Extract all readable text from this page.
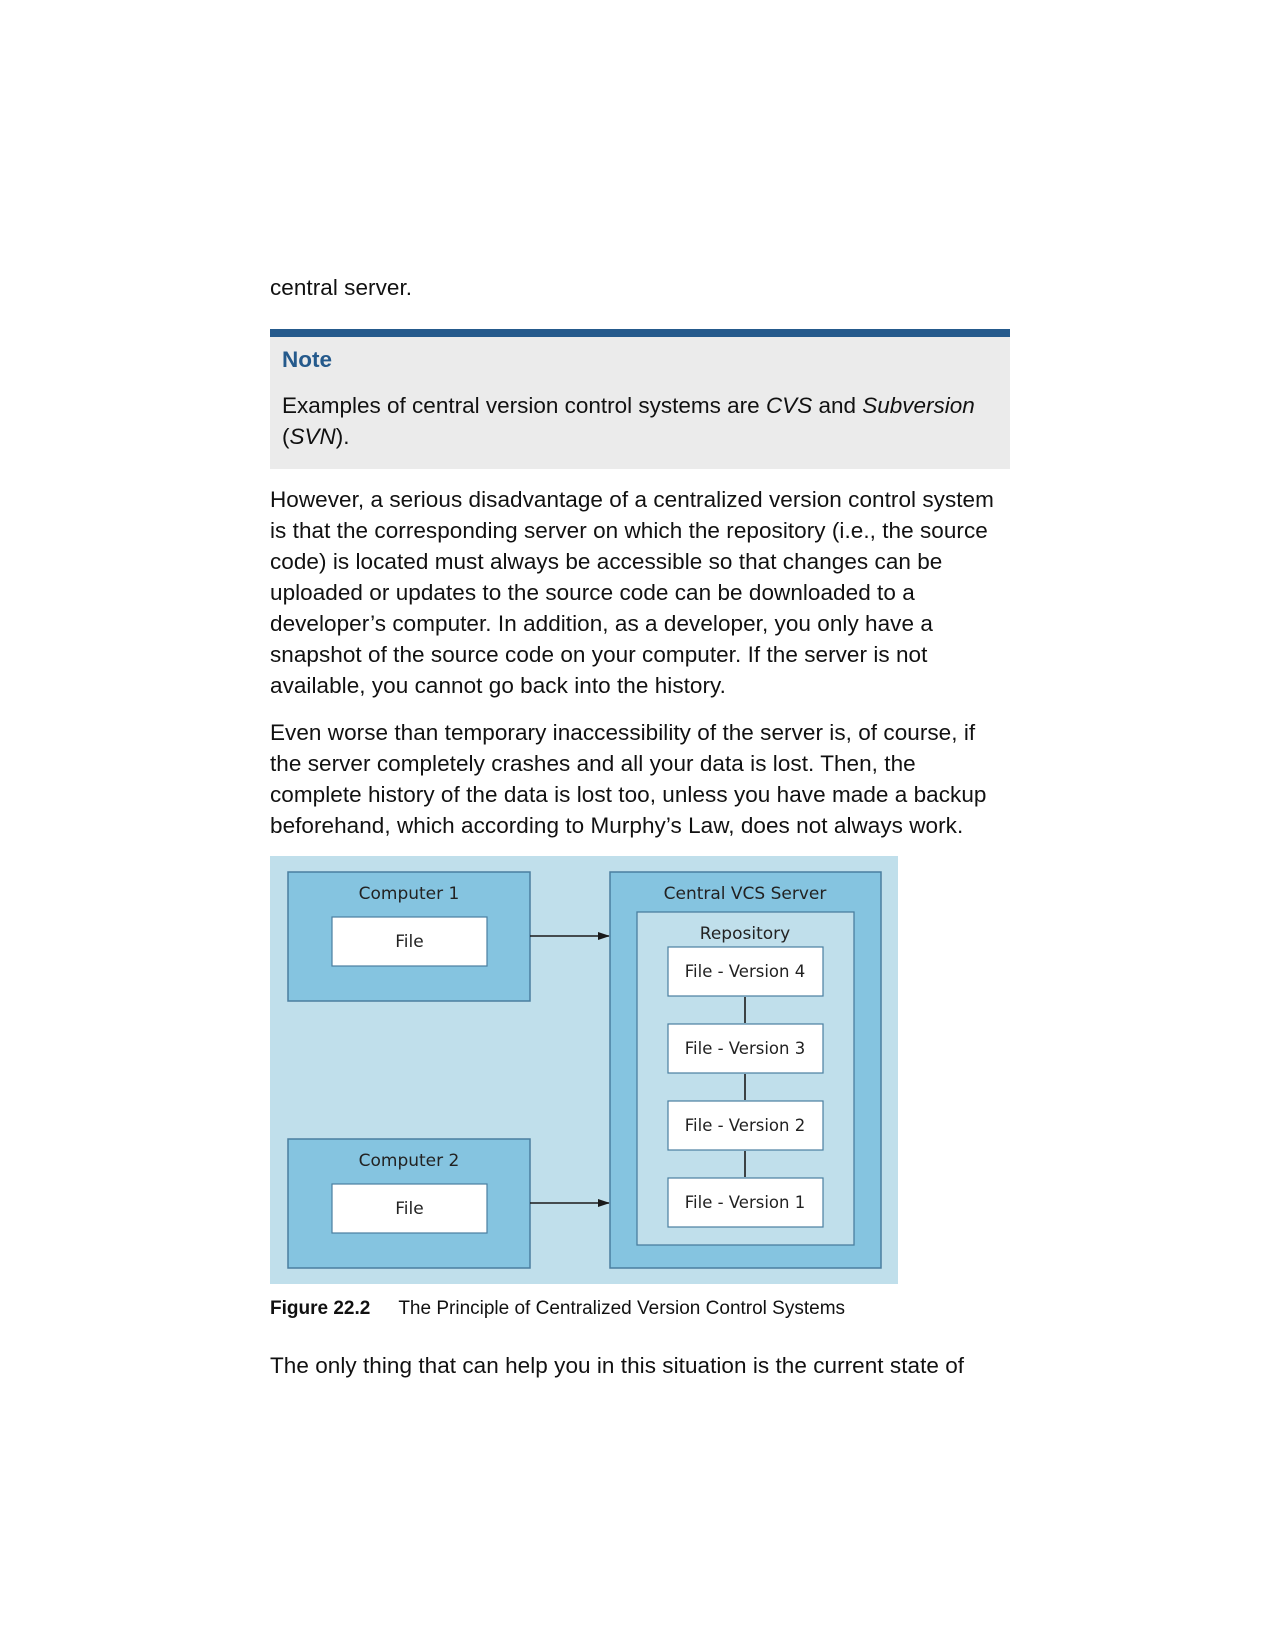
central server.

Note

Examples of central version control systems are CVS and Subversion
(SVN).

However, a serious disadvantage of a centralized version control system is that the corresponding server on which the repository (i.e., the source code) is located must always be accessible so that changes can be uploaded or updates to the source code can be downloaded to a developer’s computer. In addition, as a developer, you only have a snapshot of the source code on your computer. If the server is not available, you cannot go back into the history.

Even worse than temporary inaccessibility of the server is, of course, if the server completely crashes and all your data is lost. Then, the complete history of the data is lost too, unless you have made a backup beforehand, which according to Murphy’s Law, does not always work.

Computer 1
File
Computer 2
File
Central VCS Server
Repository
File - Version 4
File - Version 3
File - Version 2
File - Version 1
Figure 22.2 The Principle of Centralized Version Control Systems

The only thing that can help you in this situation is the current state of
